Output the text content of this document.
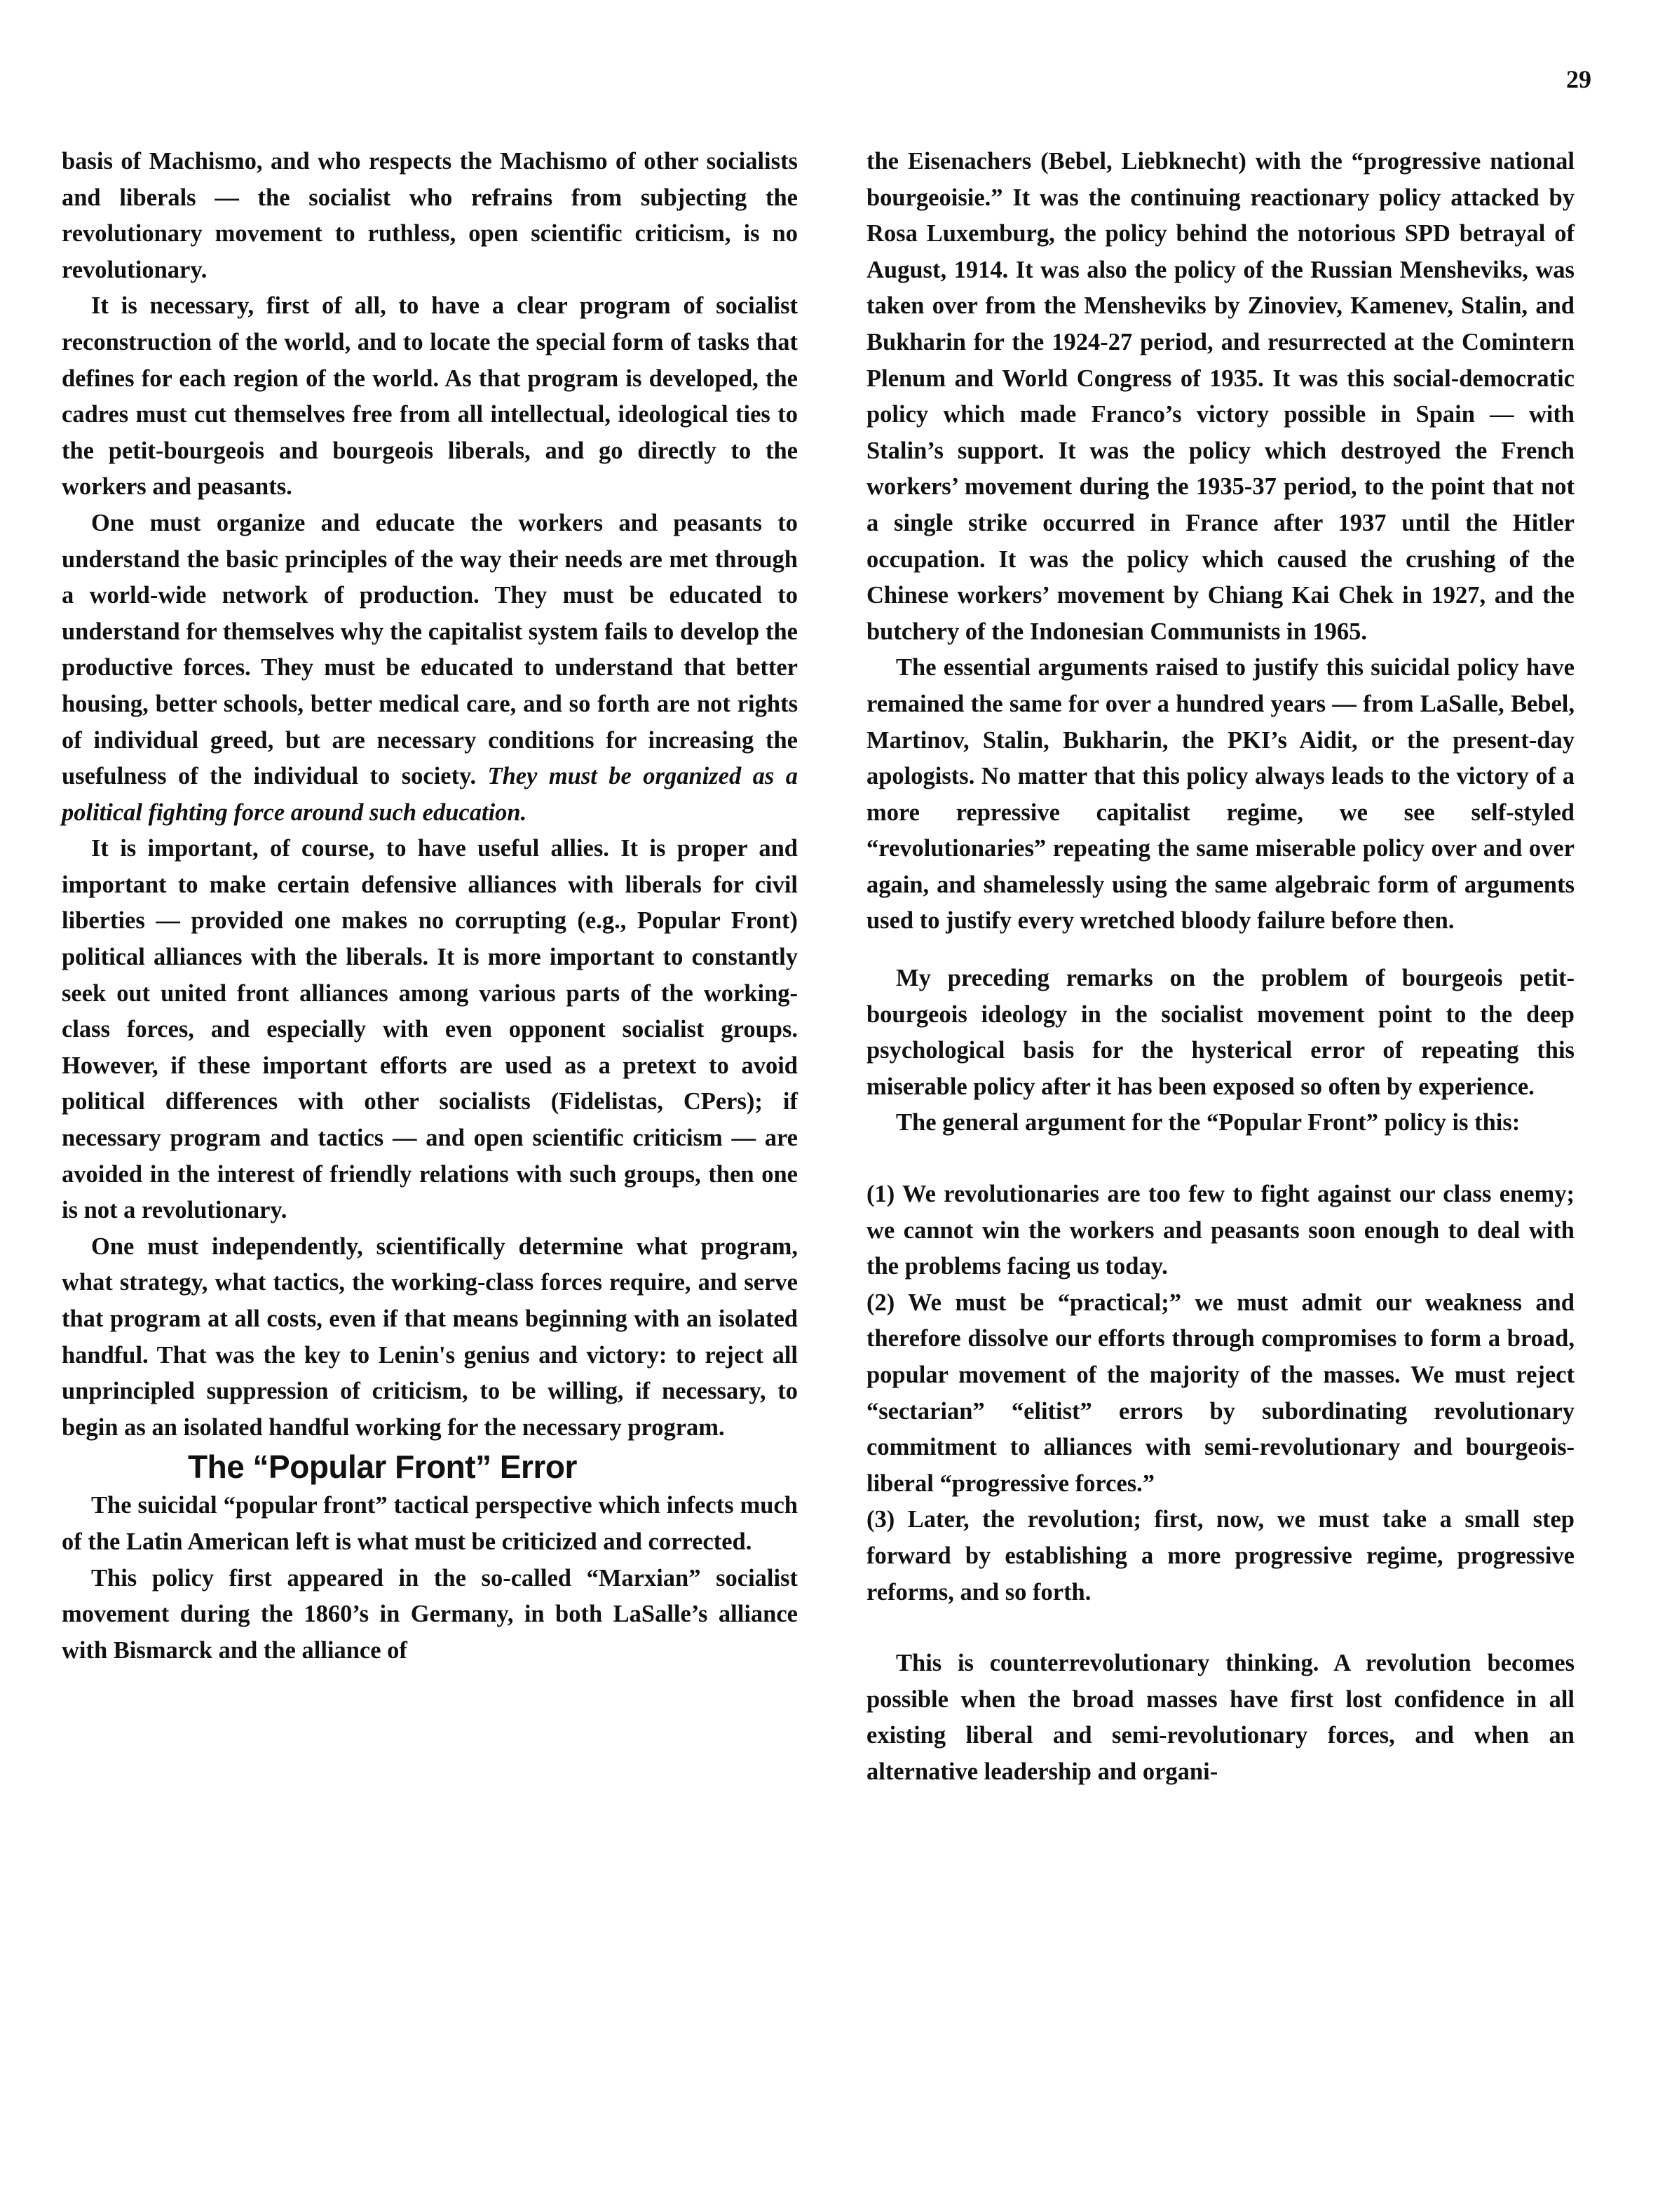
29

basis of Machismo, and who respects the Machismo of other socialists and liberals — the socialist who refrains from subjecting the revolutionary movement to ruthless, open scientific criticism, is no revolutionary.

It is necessary, first of all, to have a clear program of socialist reconstruction of the world, and to locate the special form of tasks that defines for each region of the world. As that program is developed, the cadres must cut themselves free from all intellectual, ideological ties to the petit-bourgeois and bourgeois liberals, and go directly to the workers and peasants.

One must organize and educate the workers and peasants to understand the basic principles of the way their needs are met through a world-wide network of production. They must be educated to understand for themselves why the capitalist system fails to develop the productive forces. They must be educated to understand that better housing, better schools, better medical care, and so forth are not rights of individual greed, but are necessary conditions for increasing the usefulness of the individual to society. They must be organized as a political fighting force around such education.

It is important, of course, to have useful allies. It is proper and important to make certain defensive alliances with liberals for civil liberties — provided one makes no corrupting (e.g., Popular Front) political alliances with the liberals. It is more important to constantly seek out united front alliances among various parts of the working-class forces, and especially with even opponent socialist groups. However, if these important efforts are used as a pretext to avoid political differences with other socialists (Fidelistas, CPers); if necessary program and tactics — and open scientific criticism — are avoided in the interest of friendly relations with such groups, then one is not a revolutionary.

One must independently, scientifically determine what program, what strategy, what tactics, the working-class forces require, and serve that program at all costs, even if that means beginning with an isolated handful. That was the key to Lenin's genius and victory: to reject all unprincipled suppression of criticism, to be willing, if necessary, to begin as an isolated handful working for the necessary program.

The “Popular Front” Error

The suicidal “popular front” tactical perspective which infects much of the Latin American left is what must be criticized and corrected.

This policy first appeared in the so-called “Marxian” socialist movement during the 1860’s in Germany, in both LaSalle’s alliance with Bismarck and the alliance of

the Eisenachers (Bebel, Liebknecht) with the “progressive national bourgeoisie.” It was the continuing reactionary policy attacked by Rosa Luxemburg, the policy behind the notorious SPD betrayal of August, 1914. It was also the policy of the Russian Mensheviks, was taken over from the Mensheviks by Zinoviev, Kamenev, Stalin, and Bukharin for the 1924-27 period, and resurrected at the Comintern Plenum and World Congress of 1935. It was this social-democratic policy which made Franco’s victory possible in Spain — with Stalin’s support. It was the policy which destroyed the French workers’ movement during the 1935-37 period, to the point that not a single strike occurred in France after 1937 until the Hitler occupation. It was the policy which caused the crushing of the Chinese workers’ movement by Chiang Kai Chek in 1927, and the butchery of the Indonesian Communists in 1965.

The essential arguments raised to justify this suicidal policy have remained the same for over a hundred years — from LaSalle, Bebel, Martinov, Stalin, Bukharin, the PKI’s Aidit, or the present-day apologists. No matter that this policy always leads to the victory of a more repressive capitalist regime, we see self-styled “revolutionaries” repeating the same miserable policy over and over again, and shamelessly using the same algebraic form of arguments used to justify every wretched bloody failure before then.

My preceding remarks on the problem of bourgeois petit-bourgeois ideology in the socialist movement point to the deep psychological basis for the hysterical error of repeating this miserable policy after it has been exposed so often by experience.

The general argument for the “Popular Front” policy is this:

(1) We revolutionaries are too few to fight against our class enemy; we cannot win the workers and peasants soon enough to deal with the problems facing us today.

(2) We must be “practical;” we must admit our weakness and therefore dissolve our efforts through compromises to form a broad, popular movement of the majority of the masses. We must reject “sectarian” “elitist” errors by subordinating revolutionary commitment to alliances with semi-revolutionary and bourgeois-liberal “progressive forces.”

(3) Later, the revolution; first, now, we must take a small step forward by establishing a more progressive regime, progressive reforms, and so forth.

This is counterrevolutionary thinking. A revolution becomes possible when the broad masses have first lost confidence in all existing liberal and semi-revolutionary forces, and when an alternative leadership and organi-
